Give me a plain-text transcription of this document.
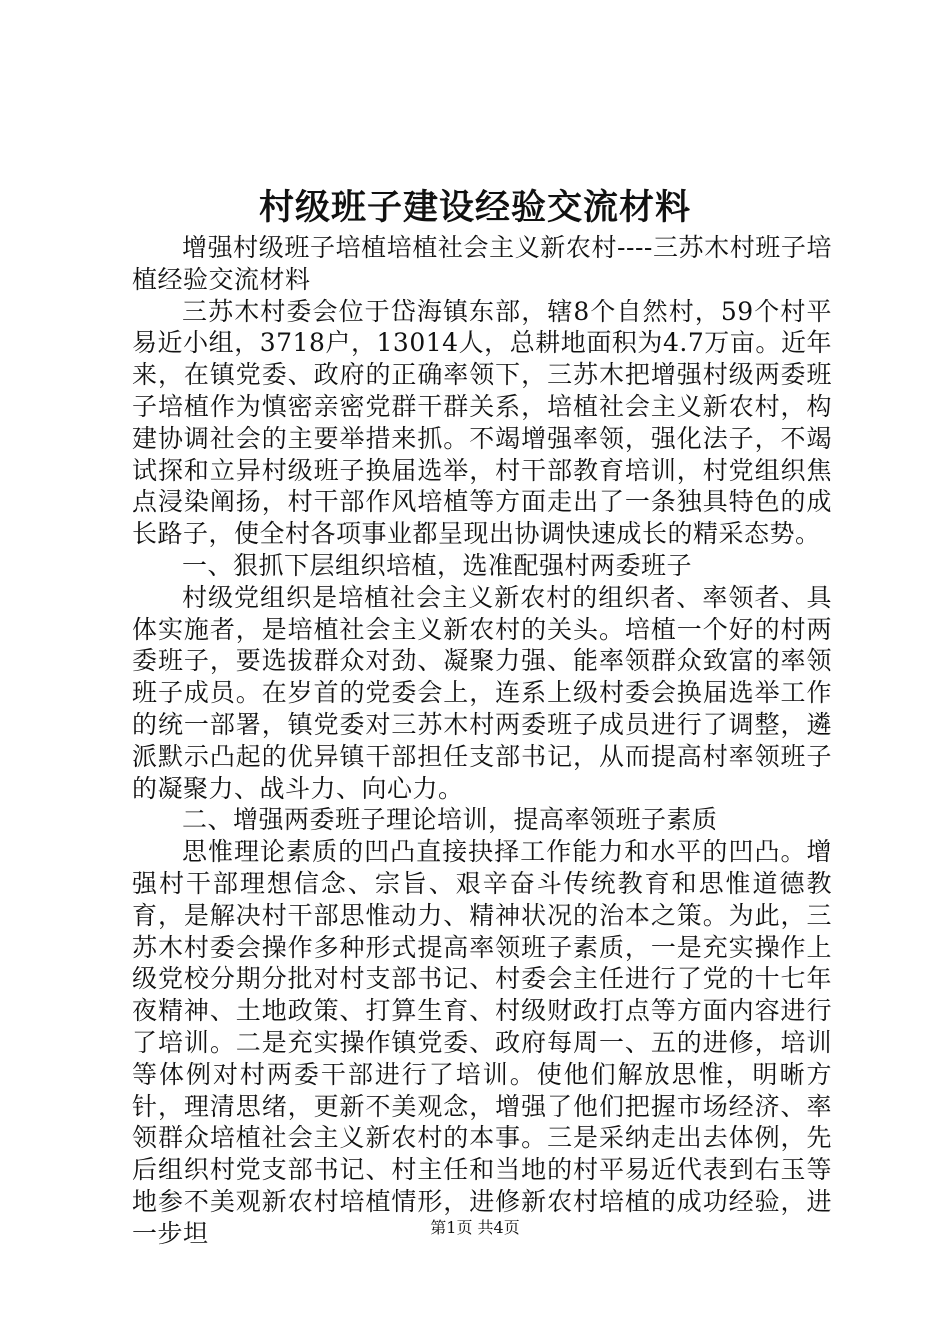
村级班子建设经验交流材料

增强村级班子培植培植社会主义新农村----三苏木村班子培植经验交流材料

三苏木村委会位于岱海镇东部，辖8个自然村，59个村平易近小组，3718户，13014人，总耕地面积为4.7万亩。近年来，在镇党委、政府的正确率领下，三苏木把增强村级两委班子培植作为慎密亲密党群干群关系，培植社会主义新农村，构建协调社会的主要举措来抓。不竭增强率领，强化法子，不竭试探和立异村级班子换届选举，村干部教育培训，村党组织焦点浸染阐扬，村干部作风培植等方面走出了一条独具特色的成长路子，使全村各项事业都呈现出协调快速成长的精采态势。

一、狠抓下层组织培植，选准配强村两委班子

村级党组织是培植社会主义新农村的组织者、率领者、具体实施者，是培植社会主义新农村的关头。培植一个好的村两委班子，要选拔群众对劲、凝聚力强、能率领群众致富的率领班子成员。在岁首的党委会上，连系上级村委会换届选举工作的统一部署，镇党委对三苏木村两委班子成员进行了调整，遴派默示凸起的优异镇干部担任支部书记，从而提高村率领班子的凝聚力、战斗力、向心力。

二、增强两委班子理论培训，提高率领班子素质

思惟理论素质的凹凸直接抉择工作能力和水平的凹凸。增强村干部理想信念、宗旨、艰辛奋斗传统教育和思惟道德教育，是解决村干部思惟动力、精神状况的治本之策。为此，三苏木村委会操作多种形式提高率领班子素质，一是充实操作上级党校分期分批对村支部书记、村委会主任进行了党的十七年夜精神、土地政策、打算生育、村级财政打点等方面内容进行了培训。二是充实操作镇党委、政府每周一、五的进修，培训等体例对村两委干部进行了培训。使他们解放思惟，明晰方针，理清思绪，更新不美观念，增强了他们把握市场经济、率领群众培植社会主义新农村的本事。三是采纳走出去体例，先后组织村党支部书记、村主任和当地的村平易近代表到右玉等地参不美观新农村培植情形，进修新农村培植的成功经验，进一步坦	第1页 共4页
